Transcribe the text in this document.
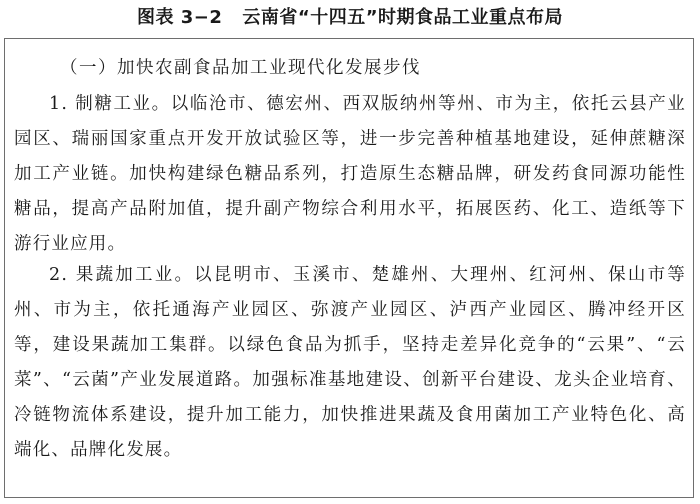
图表 3−2 云南省“十四五”时期食品工业重点布局
（一）加快农副食品加工业现代化发展步伐

1. 制糖工业。以临沧市、德宏州、西双版纳州等州、市为主，依托云县产业园区、瑞丽国家重点开发开放试验区等，进一步完善种植基地建设，延伸蔗糖深加工产业链。加快构建绿色糖品系列，打造原生态糖品牌，研发药食同源功能性糖品，提高产品附加值，提升副产物综合利用水平，拓展医药、化工、造纸等下游行业应用。

2. 果蔬加工业。以昆明市、玉溪市、楚雄州、大理州、红河州、保山市等州、市为主，依托通海产业园区、弥渡产业园区、泸西产业园区、腾冲经开区等，建设果蔬加工集群。以绿色食品为抓手，坚持走差异化竞争的“云果”、“云菜”、“云菌”产业发展道路。加强标准基地建设、创新平台建设、龙头企业培育、冷链物流体系建设，提升加工能力，加快推进果蔬及食用菌加工产业特色化、高端化、品牌化发展。
